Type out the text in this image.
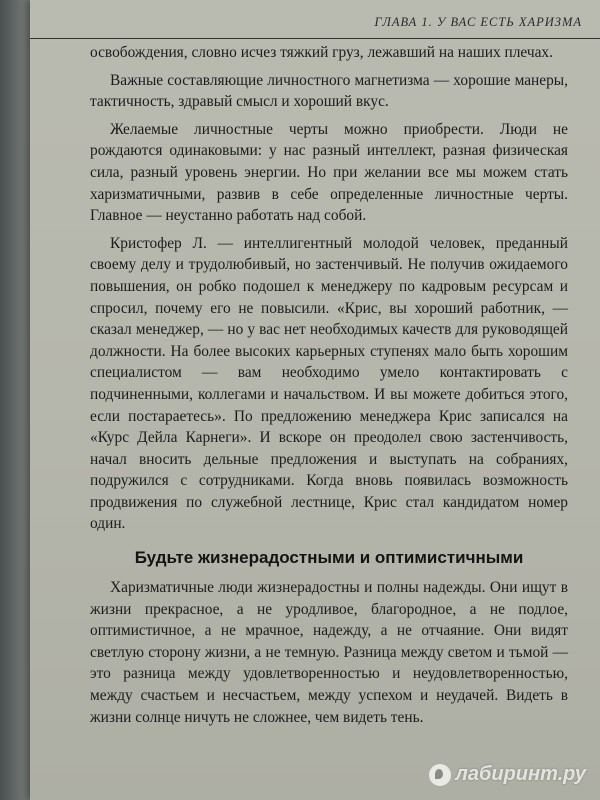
ГЛАВА 1. У ВАС ЕСТЬ ХАРИЗМА

освобождения, словно исчез тяжкий груз, лежавший на наших плечах.

Важные составляющие личностного магнетизма — хорошие манеры, тактичность, здравый смысл и хороший вкус.

Желаемые личностные черты можно приобрести. Люди не рождаются одинаковыми: у нас разный интеллект, разная физическая сила, разный уровень энергии. Но при желании все мы можем стать харизматичными, развив в себе определенные личностные черты. Главное — неустанно работать над собой.

Кристофер Л. — интеллигентный молодой человек, преданный своему делу и трудолюбивый, но застенчивый. Не получив ожидаемого повышения, он робко подошел к менеджеру по кадровым ресурсам и спросил, почему его не повысили. «Крис, вы хороший работник, — сказал менеджер, — но у вас нет необходимых качеств для руководящей должности. На более высоких карьерных ступенях мало быть хорошим специалистом — вам необходимо умело контактировать с подчиненными, коллегами и начальством. И вы можете добиться этого, если постараетесь». По предложению менеджера Крис записался на «Курс Дейла Карнеги». И вскоре он преодолел свою застенчивость, начал вносить дельные предложения и выступать на собраниях, подружился с сотрудниками. Когда вновь появилась возможность продвижения по служебной лестнице, Крис стал кандидатом номер один.

Будьте жизнерадостными и оптимистичными

Харизматичные люди жизнерадостны и полны надежды. Они ищут в жизни прекрасное, а не уродливое, благородное, а не подлое, оптимистичное, а не мрачное, надежду, а не отчаяние. Они видят светлую сторону жизни, а не темную. Разница между светом и тьмой — это разница между удовлетворенностью и неудовлетворенностью, между счастьем и несчастьем, между успехом и неудачей. Видеть в жизни солнце ничуть не сложнее, чем видеть тень.

лабиринт.ру
